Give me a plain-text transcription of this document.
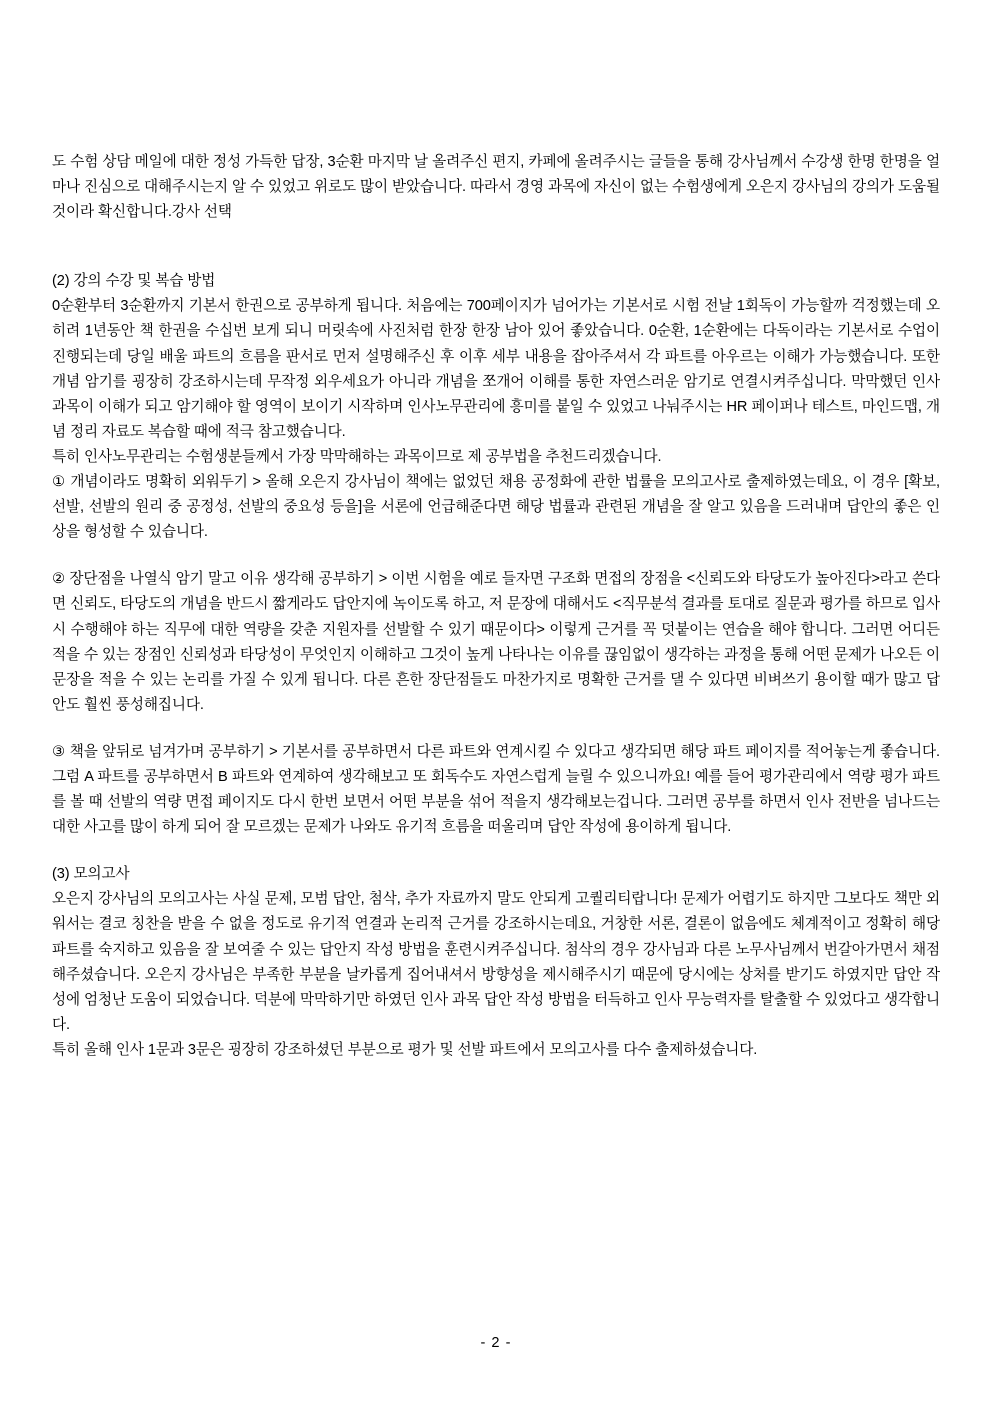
도 수험 상담 메일에 대한 정성 가득한 답장, 3순환 마지막 날 올려주신 편지, 카페에 올려주시는 글들을 통해 강사님께서 수강생 한명 한명을 얼마나 진심으로 대해주시는지 알 수 있었고 위로도 많이 받았습니다. 따라서 경영 과목에 자신이 없는 수험생에게 오은지 강사님의 강의가 도움될 것이라 확신합니다.강사 선택

(2) 강의 수강 및 복습 방법

0순환부터 3순환까지 기본서 한권으로 공부하게 됩니다. 처음에는 700페이지가 넘어가는 기본서로 시험 전날 1회독이 가능할까 걱정했는데 오히려 1년동안 책 한권을 수십번 보게 되니 머릿속에 사진처럼 한장 한장 남아 있어 좋았습니다. 0순환, 1순환에는 다독이라는 기본서로 수업이 진행되는데 당일 배울 파트의 흐름을 판서로 먼저 설명해주신 후 이후 세부 내용을 잡아주셔서 각 파트를 아우르는 이해가 가능했습니다. 또한 개념 암기를 굉장히 강조하시는데 무작정 외우세요가 아니라 개념을 쪼개어 이해를 통한 자연스러운 암기로 연결시켜주십니다. 막막했던 인사 과목이 이해가 되고 암기해야 할 영역이 보이기 시작하며 인사노무관리에 흥미를 붙일 수 있었고 나눠주시는 HR 페이퍼나 테스트, 마인드맵, 개념 정리 자료도 복습할 때에 적극 참고했습니다.

특히 인사노무관리는 수험생분들께서 가장 막막해하는 과목이므로 제 공부법을 추천드리겠습니다.

① 개념이라도 명확히 외워두기 > 올해 오은지 강사님이 책에는 없었던 채용 공정화에 관한 법률을 모의고사로 출제하였는데요, 이 경우 [확보, 선발, 선발의 원리 중 공정성, 선발의 중요성 등을]을 서론에 언급해준다면 해당 법률과 관련된 개념을 잘 알고 있음을 드러내며 답안의 좋은 인상을 형성할 수 있습니다.

② 장단점을 나열식 암기 말고 이유 생각해 공부하기 > 이번 시험을 예로 들자면 구조화 면접의 장점을 <신뢰도와 타당도가 높아진다>라고 쓴다면 신뢰도, 타당도의 개념을 반드시 짧게라도 답안지에 녹이도록 하고, 저 문장에 대해서도 <직무분석 결과를 토대로 질문과 평가를 하므로 입사 시 수행해야 하는 직무에 대한 역량을 갖춘 지원자를 선발할 수 있기 때문이다> 이렇게 근거를 꼭 덧붙이는 연습을 해야 합니다. 그러면 어디든 적을 수 있는 장점인 신뢰성과 타당성이 무엇인지 이해하고 그것이 높게 나타나는 이유를 끊임없이 생각하는 과정을 통해 어떤 문제가 나오든 이 문장을 적을 수 있는 논리를 가질 수 있게 됩니다. 다른 흔한 장단점들도 마찬가지로 명확한 근거를 댈 수 있다면 비벼쓰기 용이할 때가 많고 답안도 훨씬 풍성해집니다.

③ 책을 앞뒤로 넘겨가며 공부하기 > 기본서를 공부하면서 다른 파트와 연계시킬 수 있다고 생각되면 해당 파트 페이지를 적어놓는게 좋습니다. 그럼 A 파트를 공부하면서 B 파트와 연계하여 생각해보고 또 회독수도 자연스럽게 늘릴 수 있으니까요! 예를 들어 평가관리에서 역량 평가 파트를 볼 때 선발의 역량 면접 페이지도 다시 한번 보면서 어떤 부분을 섞어 적을지 생각해보는겁니다. 그러면 공부를 하면서 인사 전반을 넘나드는 대한 사고를 많이 하게 되어 잘 모르겠는 문제가 나와도 유기적 흐름을 떠올리며 답안 작성에 용이하게 됩니다.

(3) 모의고사

오은지 강사님의 모의고사는 사실 문제, 모범 답안, 첨삭, 추가 자료까지 말도 안되게 고퀄리티랍니다! 문제가 어렵기도 하지만 그보다도 책만 외워서는 결코 칭찬을 받을 수 없을 정도로 유기적 연결과 논리적 근거를 강조하시는데요, 거창한 서론, 결론이 없음에도 체계적이고 정확히 해당 파트를 숙지하고 있음을 잘 보여줄 수 있는 답안지 작성 방법을 훈련시켜주십니다. 첨삭의 경우 강사님과 다른 노무사님께서 번갈아가면서 채점해주셨습니다. 오은지 강사님은 부족한 부분을 날카롭게 집어내셔서 방향성을 제시해주시기 때문에 당시에는 상처를 받기도 하였지만 답안 작성에 엄청난 도움이 되었습니다. 덕분에 막막하기만 하였던 인사 과목 답안 작성 방법을 터득하고 인사 무능력자를 탈출할 수 있었다고 생각합니다.

특히 올해 인사 1문과 3문은 굉장히 강조하셨던 부분으로 평가 및 선발 파트에서 모의고사를 다수 출제하셨습니다.

- 2 -
